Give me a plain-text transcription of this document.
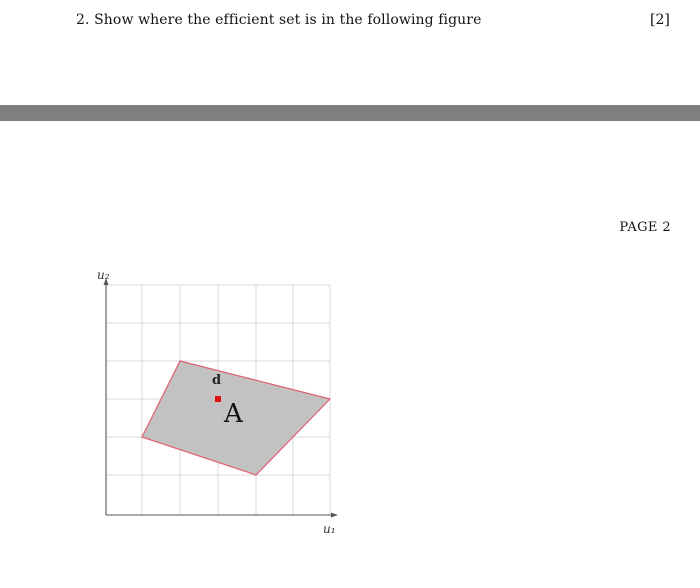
2. Show where the efficient set is in the following figure	[2]
PAGE 2
u₂
u₁
d
A
